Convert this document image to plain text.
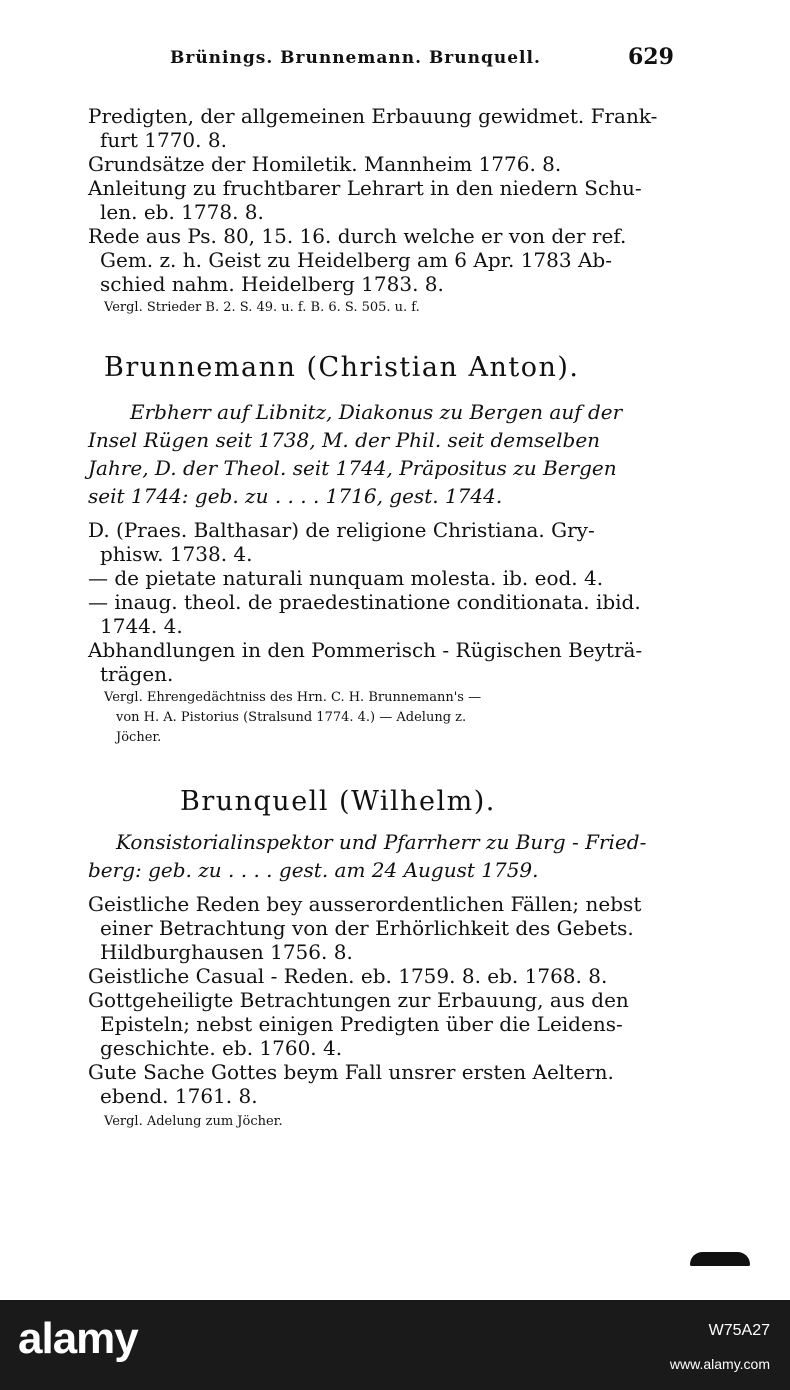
Brünings. Brunnemann. Brunquell.	629
Predigten, der allgemeinen Erbauung gewidmet. Frank-
furt 1770. 8.
Grundsätze der Homiletik. Mannheim 1776. 8.
Anleitung zu fruchtbarer Lehrart in den niedern Schu-
len. eb. 1778. 8.
Rede aus Ps. 80, 15. 16. durch welche er von der ref.
Gem. z. h. Geist zu Heidelberg am 6 Apr. 1783 Ab-
schied nahm. Heidelberg 1783. 8.
Vergl. Strieder B. 2. S. 49. u. f. B. 6. S. 505. u. f.
Brunnemann (Christian Anton).
Erbherr auf Libnitz, Diakonus zu Bergen auf der
Insel Rügen seit 1738, M. der Phil. seit demselben
Jahre, D. der Theol. seit 1744, Präpositus zu Bergen
seit 1744: geb. zu . . . . 1716, gest. 1744.
D. (Praes. Balthasar) de religione Christiana. Gry-
phisw. 1738. 4.
— de pietate naturali nunquam molesta. ib. eod. 4.
— inaug. theol. de praedestinatione conditionata. ibid.
1744. 4.
Abhandlungen in den Pommerisch - Rügischen Beyträ-
trägen.
Vergl. Ehrengedächtniss des Hrn. C. H. Brunnemann's —
von H. A. Pistorius (Stralsund 1774. 4.) — Adelung z.
Jöcher.
Brunquell (Wilhelm).
Konsistorialinspektor und Pfarrherr zu Burg - Fried-
berg: geb. zu . . . . gest. am 24 August 1759.
Geistliche Reden bey ausserordentlichen Fällen; nebst
einer Betrachtung von der Erhörlichkeit des Gebets.
Hildburghausen 1756. 8.
Geistliche Casual - Reden. eb. 1759. 8. eb. 1768. 8.
Gottgeheiligte Betrachtungen zur Erbauung, aus den
Episteln; nebst einigen Predigten über die Leidens-
geschichte. eb. 1760. 4.
Gute Sache Gottes beym Fall unsrer ersten Aeltern.
ebend. 1761. 8.
Vergl. Adelung zum Jöcher.
alamy	W75A27
www.alamy.com
